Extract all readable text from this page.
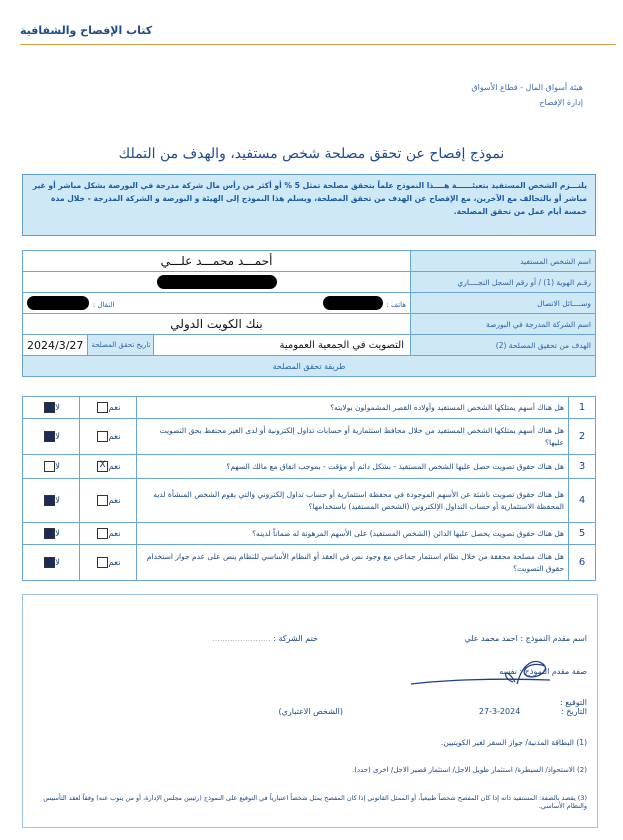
كتاب الإفصاح والشفافية
هيئة أسواق المال - قطاع الأسواق
إدارة الإفصاح
نموذج إفصاح عن تحقق مصلحة شخص مستفيد، والهدف من التملك
يلتـــزم الشخص المستفيد بتعبئــــــة هــــذا النموذج علماً بتحقق مصلحة تمثل 5 % أو أكثر من رأس مال شركة مدرجة في البورصة بشكل مباشر أو غير مباشر أو بالتحالف مع الآخرين، مع الإفصاح عن الهدف من تحقق المصلحة، ويسلم هذا النموذج إلى الهيئة و البورصة و الشركة المدرجة - خلال مدة خمسة أيام عمل من تحقق المصلحة.
اسم الشخص المستفيد	أحمـــد محمـــد علـــي
رقـم الهوية (1) / أو رقم السجل التجــــاري	
وســــائل الاتصال	هاتف :
النقال :

اسم الشركة المدرجة في البورصة	بنك الكويت الدولي
الهدف من تحقيق المصلحة (2)	التصويت في الجمعية العمومية
تاريخ تحقق المصلحة
2024/3/27

طريقة تحقق المصلحة	
1	هل هناك أسهم يمتلكها الشخص المستفيد وأولاده القصر المشمولون بولايته؟	نعم	لا
2	هل هناك أسهم يمتلكها الشخص المستفيد من خلال محافظ استثمارية أو حسابات تداول إلكترونية أو لدى الغير محتفظ بحق التصويت عليها؟	نعم	لا
3	هل هناك حقوق تصويت حصل عليها الشخص المستفيد - بشكل دائم أو مؤقت - بموجب اتفاق مع مالك السهم؟	نعمX	لا
4	هل هناك حقوق تصويت ناشئة عن الأسهم الموجودة في محفظة استثمارية أو حساب تداول إلكتروني والتي يقوم الشخص المنشأة لديه المحفظة الاستثمارية أو حساب التداول الإلكتروني (الشخص المستفيد) باستخدامها؟	نعم	لا
5	هل هناك حقوق تصويت يحصل عليها الدائن (الشخص المستفيد) على الأسهم المرهونة له ضماناً لدينه؟	نعم	لا
6	هل هناك مصلحة محققة من خلال نظام استثمار جماعي مع وجود نص في العقد أو النظام الأساسي للنظام ينص على عدم جواز استخدام حقوق التصويت؟	نعم	لا
اسم مقدم النموذج : احمد محمد علي
ختم الشركة : .......................
صفة مقدم النموذج : نفسه
التوقيع :
التاريخ :                2024-3-27
(الشخص الاعتباري)
(1) البطاقة المدنية/ جواز السفر لغير الكويتيين.
(2) الاستحواذ/ السيطرة/ استثمار طويل الاجل/ استثمار قصير الاجل/ اخرى (حدد).
(3) يقصد بالصفة: المستفيد ذاته إذا كان المفصح شخصاً طبيعياً، أو الممثل القانوني إذا كان المفصح يمثل شخصاً اعتبارياً في التوقيع على النموذج (رئيس مجلس الإدارة، أو من ينوب عنه) وفقاً لعقد التأسيس والنظام الأساسي.
